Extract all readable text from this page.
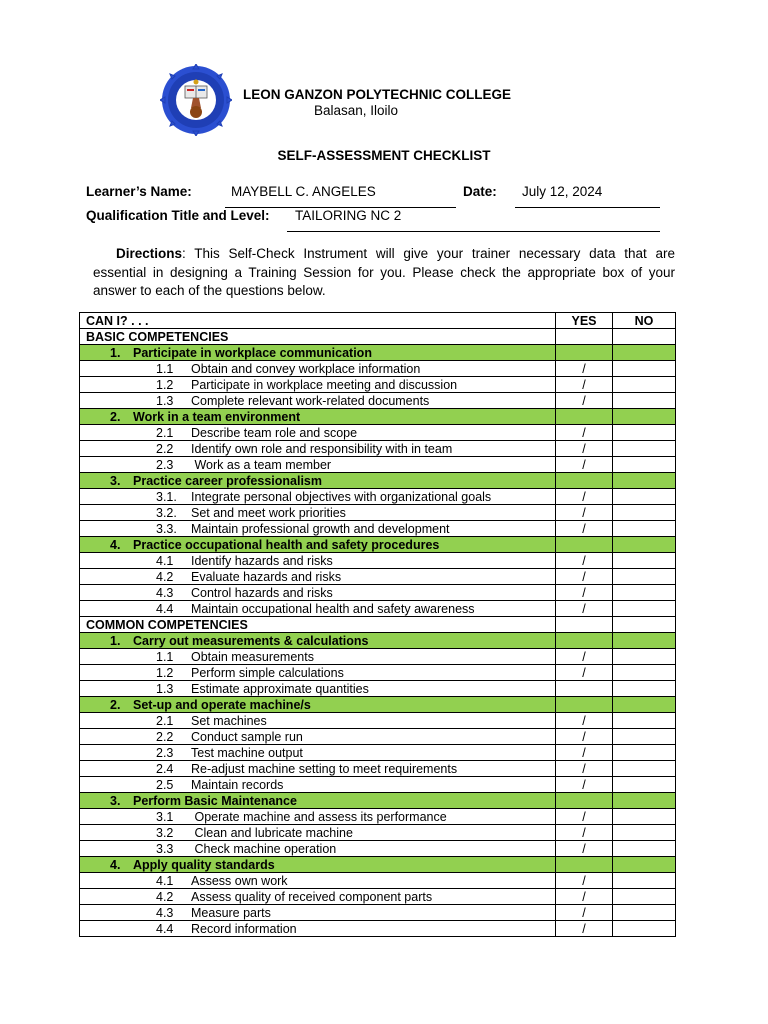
LEON GANZON POLYTECHNIC COLLEGE
Balasan, Iloilo
SELF-ASSESSMENT CHECKLIST
Learner’s Name:	MAYBELL C. ANGELES	Date: July 12, 2024
Qualification Title and Level: TAILORING NC 2
Directions: This Self-Check Instrument will give your trainer necessary data that are essential in designing a Training Session for you. Please check the appropriate box of your answer to each of the questions below.
CAN I? . . .	YES	NO
BASIC COMPETENCIES		
1. Participate in workplace communication		
1.1 Obtain and convey workplace information	/	
1.2 Participate in workplace meeting and discussion	/	
1.3 Complete relevant work-related documents	/	
2. Work in a team environment		
2.1 Describe team role and scope	/	
2.2 Identify own role and responsibility with in team	/	
2.3 Work as a team member	/	
3. Practice career professionalism		
3.1. Integrate personal objectives with organizational goals	/	
3.2. Set and meet work priorities	/	
3.3. Maintain professional growth and development	/	
4. Practice occupational health and safety procedures		
4.1 Identify hazards and risks	/	
4.2 Evaluate hazards and risks	/	
4.3 Control hazards and risks	/	
4.4 Maintain occupational health and safety awareness	/	
COMMON COMPETENCIES		
1. Carry out measurements & calculations		
1.1 Obtain measurements	/	
1.2 Perform simple calculations	/	
1.3 Estimate approximate quantities		
2. Set-up and operate machine/s		
2.1 Set machines	/	
2.2 Conduct sample run	/	
2.3 Test machine output	/	
2.4 Re-adjust machine setting to meet requirements	/	
2.5 Maintain records	/	
3. Perform Basic Maintenance		
3.1 Operate machine and assess its performance	/	
3.2 Clean and lubricate machine	/	
3.3 Check machine operation	/	
4. Apply quality standards		
4.1 Assess own work	/	
4.2 Assess quality of received component parts	/	
4.3 Measure parts	/	
4.4 Record information	/	
